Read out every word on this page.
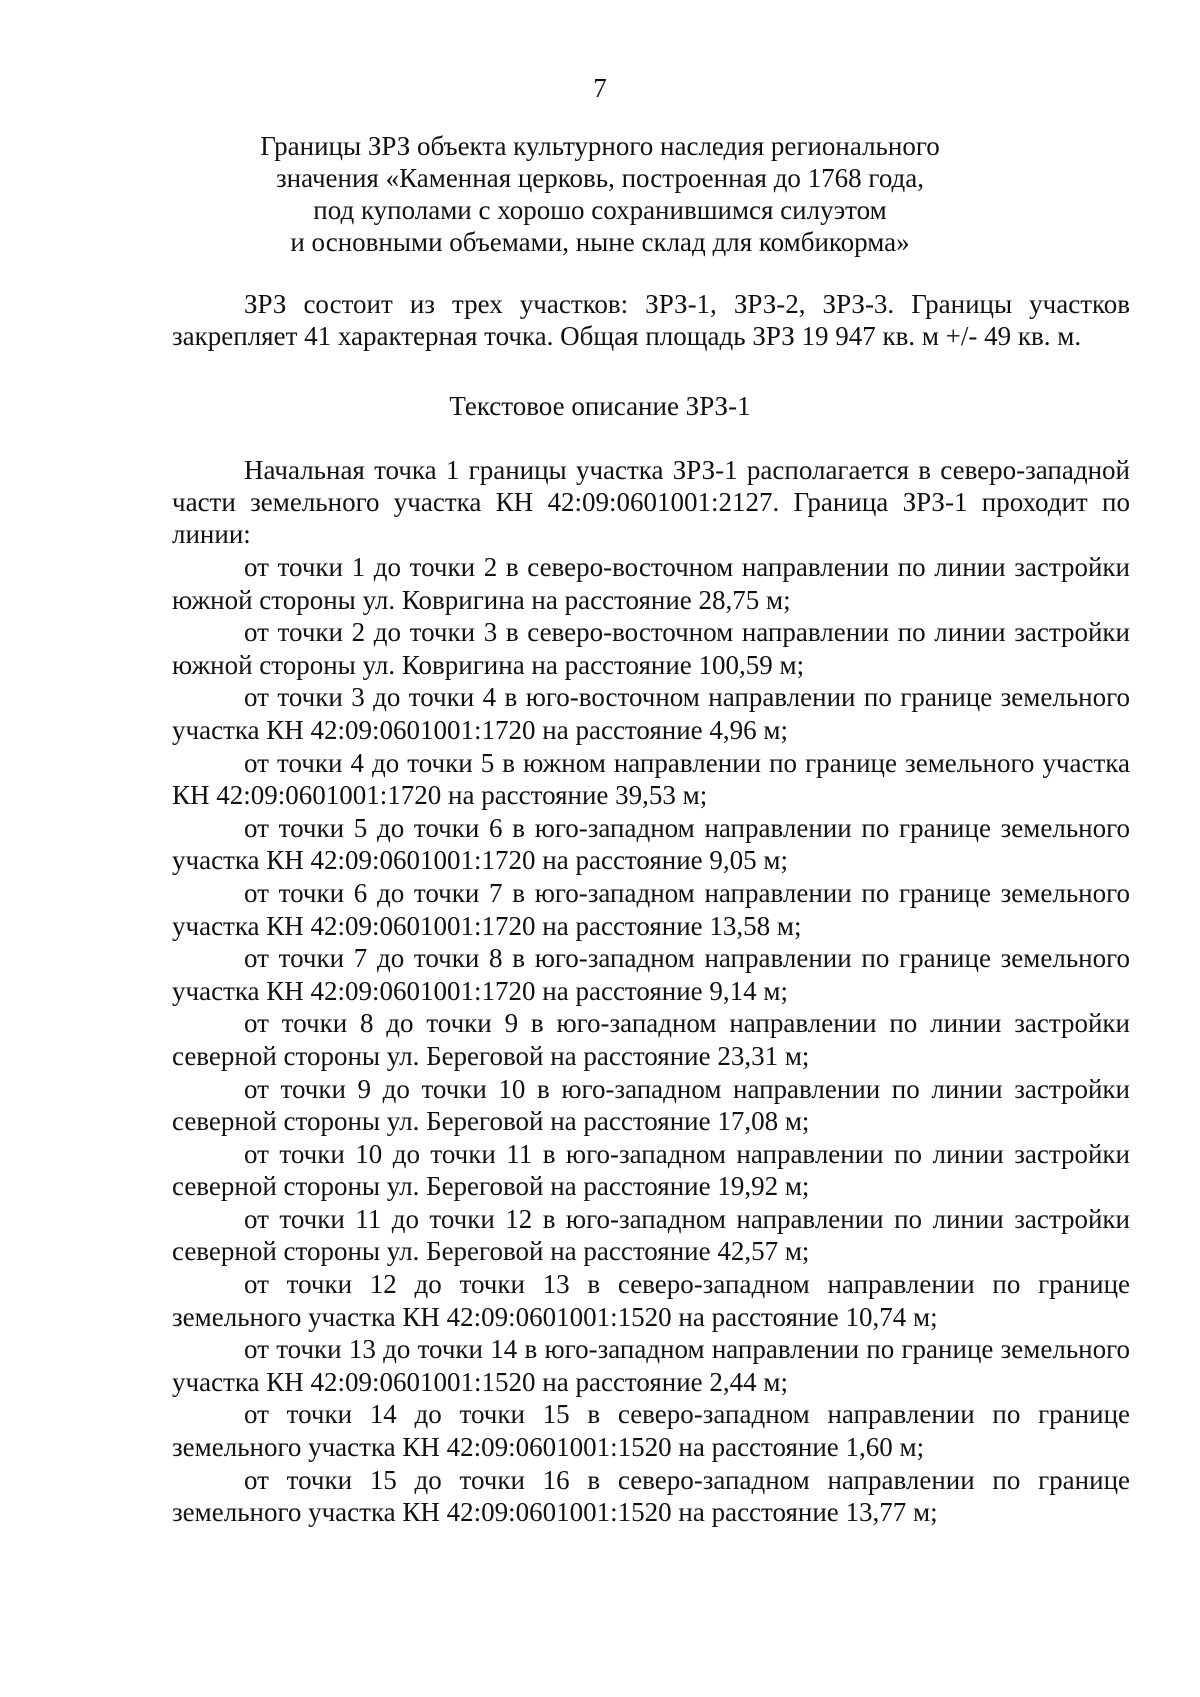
7
Границы ЗРЗ объекта культурного наследия регионального
значения «Каменная церковь, построенная до 1768 года,
под куполами с хорошо сохранившимся силуэтом
и основными объемами, ныне склад для комбикорма»

ЗРЗ состоит из трех участков: ЗРЗ-1, ЗРЗ-2, ЗРЗ-3. Границы участков закрепляет 41 характерная точка. Общая площадь ЗРЗ 19 947 кв. м +/- 49 кв. м.

Текстовое описание ЗРЗ-1

Начальная точка 1 границы участка ЗРЗ-1 располагается в северо-западной части земельного участка КН 42:09:0601001:2127. Граница ЗРЗ-1 проходит по линии:

от точки 1 до точки 2 в северо-восточном направлении по линии застройки южной стороны ул. Ковригина на расстояние 28,75 м;

от точки 2 до точки 3 в северо-восточном направлении по линии застройки южной стороны ул. Ковригина на расстояние 100,59 м;

от точки 3 до точки 4 в юго-восточном направлении по границе земельного участка КН 42:09:0601001:1720 на расстояние 4,96 м;

от точки 4 до точки 5 в южном направлении по границе земельного участка КН 42:09:0601001:1720 на расстояние 39,53 м;

от точки 5 до точки 6 в юго-западном направлении по границе земельного участка КН 42:09:0601001:1720 на расстояние 9,05 м;

от точки 6 до точки 7 в юго-западном направлении по границе земельного участка КН 42:09:0601001:1720 на расстояние 13,58 м;

от точки 7 до точки 8 в юго-западном направлении по границе земельного участка КН 42:09:0601001:1720 на расстояние 9,14 м;

от точки 8 до точки 9 в юго-западном направлении по линии застройки северной стороны ул. Береговой на расстояние 23,31 м;

от точки 9 до точки 10 в юго-западном направлении по линии застройки северной стороны ул. Береговой на расстояние 17,08 м;

от точки 10 до точки 11 в юго-западном направлении по линии застройки северной стороны ул. Береговой на расстояние 19,92 м;

от точки 11 до точки 12 в юго-западном направлении по линии застройки северной стороны ул. Береговой на расстояние 42,57 м;

от точки 12 до точки 13 в северо-западном направлении по границе земельного участка КН 42:09:0601001:1520 на расстояние 10,74 м;

от точки 13 до точки 14 в юго-западном направлении по границе земельного участка КН 42:09:0601001:1520 на расстояние 2,44 м;

от точки 14 до точки 15 в северо-западном направлении по границе земельного участка КН 42:09:0601001:1520 на расстояние 1,60 м;

от точки 15 до точки 16 в северо-западном направлении по границе земельного участка КН 42:09:0601001:1520 на расстояние 13,77 м;
